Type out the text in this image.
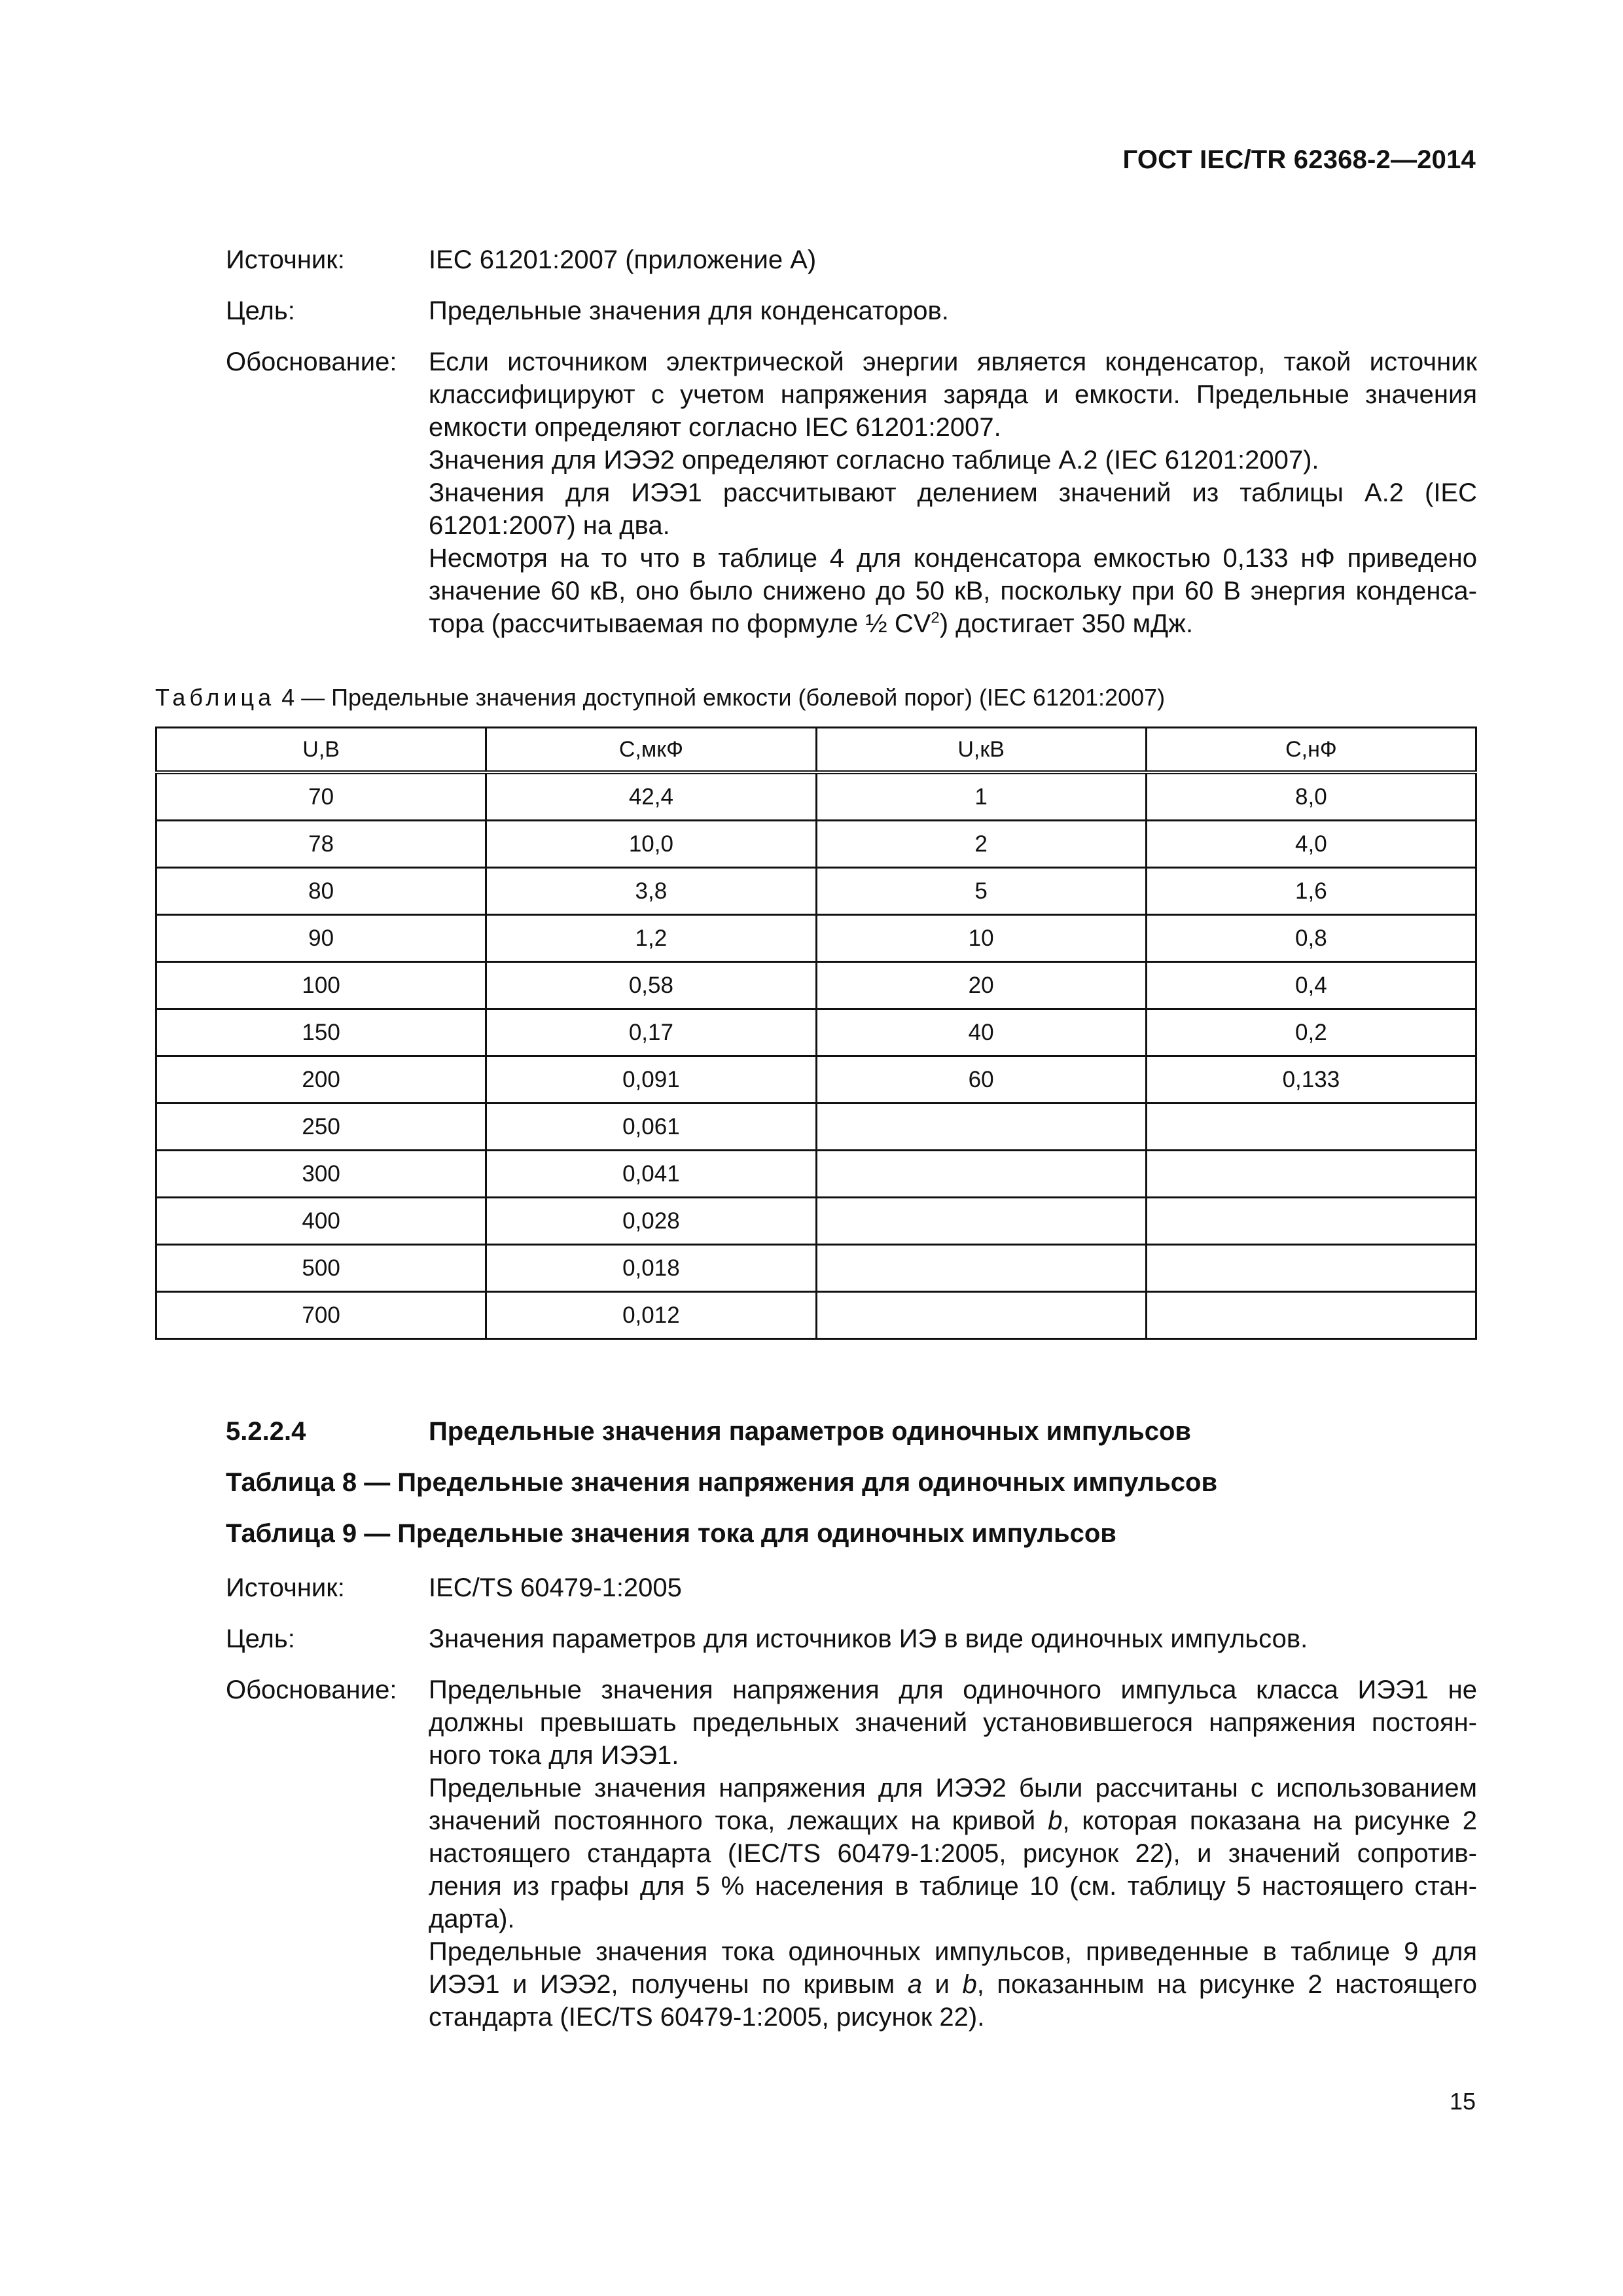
ГОСТ IEC/TR 62368-2—2014
Источник:	IEC 61201:2007 (приложение А)
Цель:	Предельные значения для конденсаторов.
Обоснование: Если источником электрической энергии является конденсатор, такой источник
классифицируют с учетом напряжения заряда и емкости. Предельные значения
емкости определяют согласно IEC 61201:2007.
Значения для ИЭЭ2 определяют согласно таблице А.2 (IEC 61201:2007).
Значения для ИЭЭ1 рассчитывают делением значений из таблицы А.2 (IEC
61201:2007) на два.
Несмотря на то что в таблице 4 для конденсатора емкостью 0,133 нФ приведено
значение 60 кВ, оно было снижено до 50 кВ, поскольку при 60 В энергия конденса-
тора (рассчитываемая по формуле ½ $CV^2$) достигает 350 мДж.
Таблица 4 — Предельные значения доступной емкости (болевой порог) (IEC 61201:2007)
U,В	C,мкФ	U,кВ	C,нФ
70	42,4	1	8,0
78	10,0	2	4,0
80	3,8	5	1,6
90	1,2	10	0,8
100	0,58	20	0,4
150	0,17	40	0,2
200	0,091	60	0,133
250	0,061		
300	0,041		
400	0,028		
500	0,018		
700	0,012		
5.2.2.4	Предельные значения параметров одиночных импульсов
Таблица 8 — Предельные значения напряжения для одиночных импульсов
Таблица 9 — Предельные значения тока для одиночных импульсов
Источник:	IEC/TS 60479-1:2005
Цель:	Значения параметров для источников ИЭ в виде одиночных импульсов.
Обоснование: Предельные значения напряжения для одиночного импульса класса ИЭЭ1 не
должны превышать предельных значений установившегося напряжения постоян-
ного тока для ИЭЭ1.
Предельные значения напряжения для ИЭЭ2 были рассчитаны с использованием
значений постоянного тока, лежащих на кривой b, которая показана на рисунке 2
настоящего стандарта (IEC/TS 60479-1:2005, рисунок 22), и значений сопротив-
ления из графы для 5 % населения в таблице 10 (см. таблицу 5 настоящего стан-
дарта).
Предельные значения тока одиночных импульсов, приведенные в таблице 9 для
ИЭЭ1 и ИЭЭ2, получены по кривым a и b, показанным на рисунке 2 настоящего
стандарта (IEC/TS 60479-1:2005, рисунок 22).
15
